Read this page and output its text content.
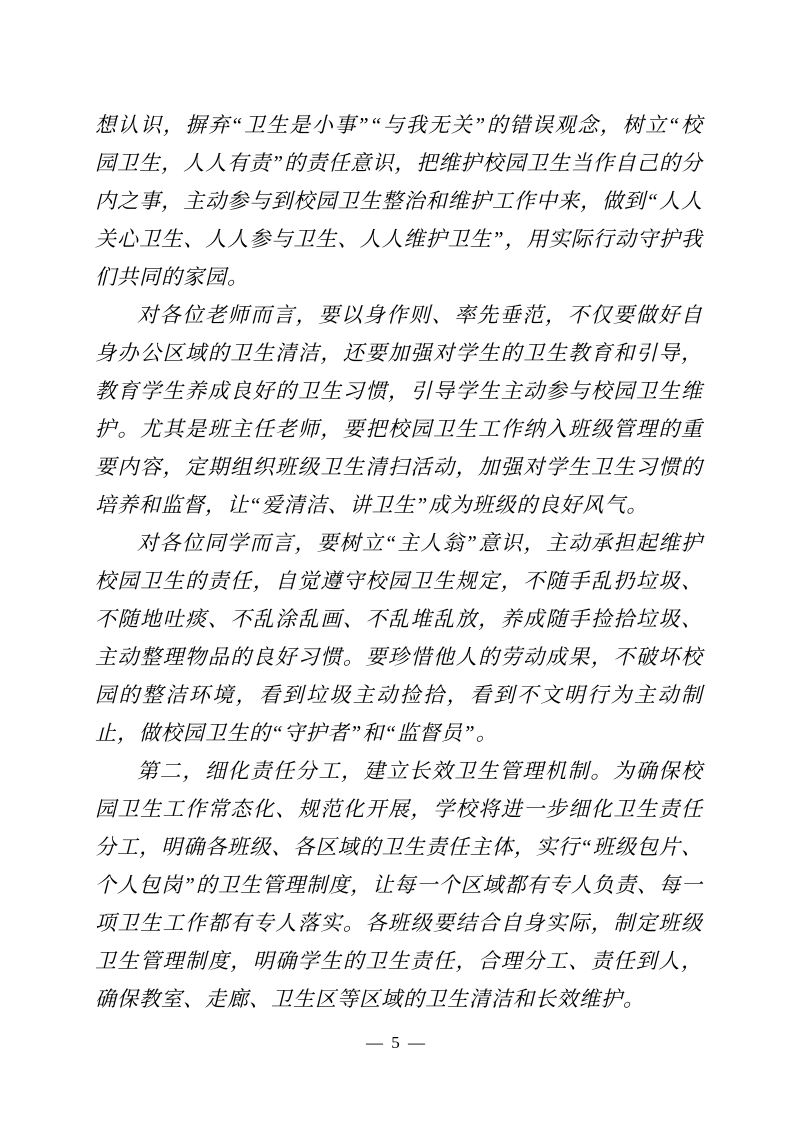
想认识，摒弃“卫生是小事”“与我无关”的错误观念，树立“校园卫生，人人有责”的责任意识，把维护校园卫生当作自己的分内之事，主动参与到校园卫生整治和维护工作中来，做到“人人关心卫生、人人参与卫生、人人维护卫生”，用实际行动守护我们共同的家园。

对各位老师而言，要以身作则、率先垂范，不仅要做好自身办公区域的卫生清洁，还要加强对学生的卫生教育和引导，教育学生养成良好的卫生习惯，引导学生主动参与校园卫生维护。尤其是班主任老师，要把校园卫生工作纳入班级管理的重要内容，定期组织班级卫生清扫活动，加强对学生卫生习惯的培养和监督，让“爱清洁、讲卫生”成为班级的良好风气。

对各位同学而言，要树立“主人翁”意识，主动承担起维护校园卫生的责任，自觉遵守校园卫生规定，不随手乱扔垃圾、不随地吐痰、不乱涂乱画、不乱堆乱放，养成随手捡拾垃圾、主动整理物品的良好习惯。要珍惜他人的劳动成果，不破坏校园的整洁环境，看到垃圾主动捡拾，看到不文明行为主动制止，做校园卫生的“守护者”和“监督员”。

第二，细化责任分工，建立长效卫生管理机制。为确保校园卫生工作常态化、规范化开展，学校将进一步细化卫生责任分工，明确各班级、各区域的卫生责任主体，实行“班级包片、个人包岗”的卫生管理制度，让每一个区域都有专人负责、每一项卫生工作都有专人落实。各班级要结合自身实际，制定班级卫生管理制度，明确学生的卫生责任，合理分工、责任到人，确保教室、走廊、卫生区等区域的卫生清洁和长效维护。

— 5 —
